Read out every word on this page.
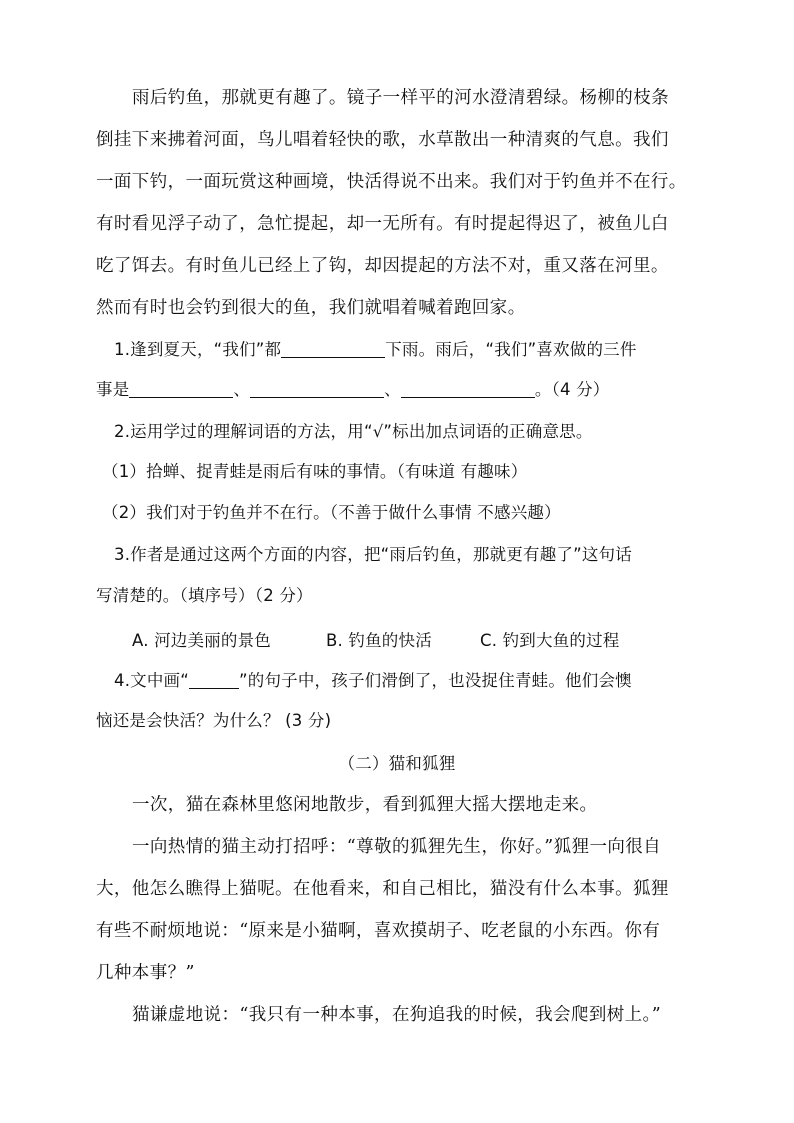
雨后钓鱼，那就更有趣了。镜子一样平的河水澄清碧绿。杨柳的枝条
倒挂下来拂着河面，鸟儿唱着轻快的歌，水草散出一种清爽的气息。我们
一面下钓，一面玩赏这种画境，快活得说不出来。我们对于钓鱼并不在行。
有时看见浮子动了，急忙提起，却一无所有。有时提起得迟了，被鱼儿白
吃了饵去。有时鱼儿已经上了钩，却因提起的方法不对，重又落在河里。
然而有时也会钓到很大的鱼，我们就唱着喊着跑回家。
1.逢到夏天，“我们”都	下雨。雨后，“我们”喜欢做的三件
事是	、	、	。（4 分）
2.运用学过的理解词语的方法，用“√”标出加点词语的正确意思。
（1）拾蝉、捉青蛙是雨后有味的事情。（有味道 有趣味）
（2）我们对于钓鱼并不在行。（不善于做什么事情 不感兴趣）
3.作者是通过这两个方面的内容，把“雨后钓鱼，那就更有趣了”这句话
写清楚的。（填序号）（2 分）
A. 河边美丽的景色	B. 钓鱼的快活	C. 钓到大鱼的过程
4.文中画“	”的句子中，孩子们滑倒了，也没捉住青蛙。他们会懊
恼还是会快活？为什么？ (3 分)
（二）猫和狐狸
一次，猫在森林里悠闲地散步，看到狐狸大摇大摆地走来。
一向热情的猫主动打招呼：“尊敬的狐狸先生，你好。”狐狸一向很自
大，他怎么瞧得上猫呢。在他看来，和自己相比，猫没有什么本事。狐狸
有些不耐烦地说：“原来是小猫啊，喜欢摸胡子、吃老鼠的小东西。你有
几种本事？”
猫谦虚地说：“我只有一种本事，在狗追我的时候，我会爬到树上。”
